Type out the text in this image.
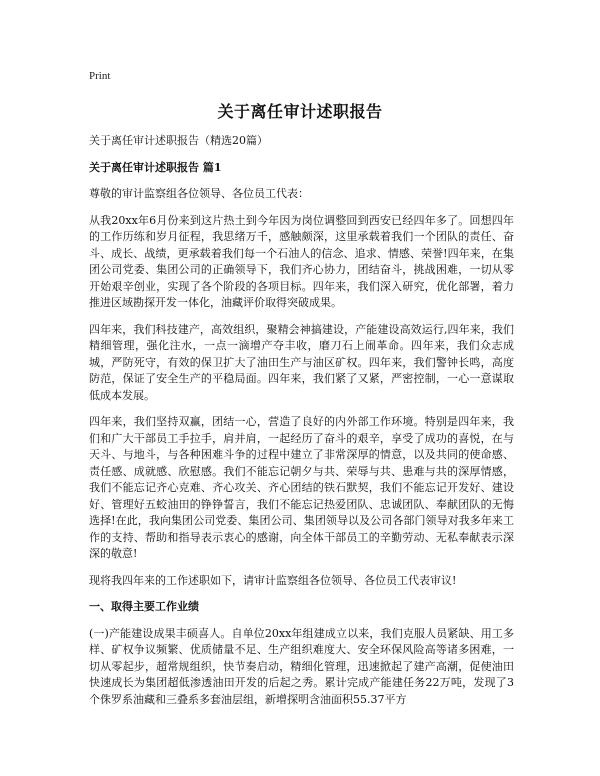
Print
关于离任审计述职报告

关于离任审计述职报告（精选20篇）

关于离任审计述职报告 篇1

尊敬的审计监察组各位领导、各位员工代表：

从我20xx年6月份来到这片热土到今年因为岗位调整回到西安已经四年多了。回想四年的工作历练和岁月征程，我思绪万千，感触颇深，这里承载着我们一个团队的责任、奋斗、成长、战绩，更承载着我们每一个石油人的信念、追求、情感、荣誉!四年来，在集团公司党委、集团公司的正确领导下，我们齐心协力，团结奋斗，挑战困难，一切从零开始艰辛创业，实现了各个阶段的各项目标。四年来，我们深入研究，优化部署，着力推进区域勘探开发一体化，油藏评价取得突破成果。

四年来，我们科技建产，高效组织，聚精会神搞建设，产能建设高效运行,四年来，我们精细管理，强化注水，一点一滴增产夺丰收，磨刀石上闹革命。四年来，我们众志成城，严防死守，有效的保卫扩大了油田生产与油区矿权。四年来，我们警钟长鸣，高度防范，保证了安全生产的平稳局面。四年来，我们紧了又紧，严密控制，一心一意谋取低成本发展。

四年来，我们坚持双赢，团结一心，营造了良好的内外部工作环境。特别是四年来，我们和广大干部员工手拉手，肩并肩，一起经历了奋斗的艰辛，享受了成功的喜悦，在与天斗、与地斗，与各种困难斗争的过程中建立了非常深厚的情意，以及共同的使命感、责任感、成就感、欣慰感。我们不能忘记朝夕与共、荣辱与共、患难与共的深厚情感，我们不能忘记齐心克难、齐心攻关、齐心团结的铁石默契，我们不能忘记开发好、建设好、管理好五蛟油田的铮铮誓言，我们不能忘记热爱团队、忠诚团队、奉献团队的无悔选择!在此，我向集团公司党委、集团公司、集团领导以及公司各部门领导对我多年来工作的支持、帮助和指导表示衷心的感谢，向全体干部员工的辛勤劳动、无私奉献表示深深的敬意!

现将我四年来的工作述职如下，请审计监察组各位领导、各位员工代表审议!

一、取得主要工作业绩

(一)产能建设成果丰硕喜人。自单位20xx年组建成立以来，我们克服人员紧缺、用工多样、矿权争议频繁、优质储量不足、生产组织难度大、安全环保风险高等诸多困难，一切从零起步，超常规组织，快节奏启动，精细化管理，迅速掀起了建产高潮，促使油田快速成长为集团超低渗透油田开发的后起之秀。累计完成产能建任务22万吨，发现了3个侏罗系油藏和三叠系多套油层组，新增探明含油面积55.37平方
